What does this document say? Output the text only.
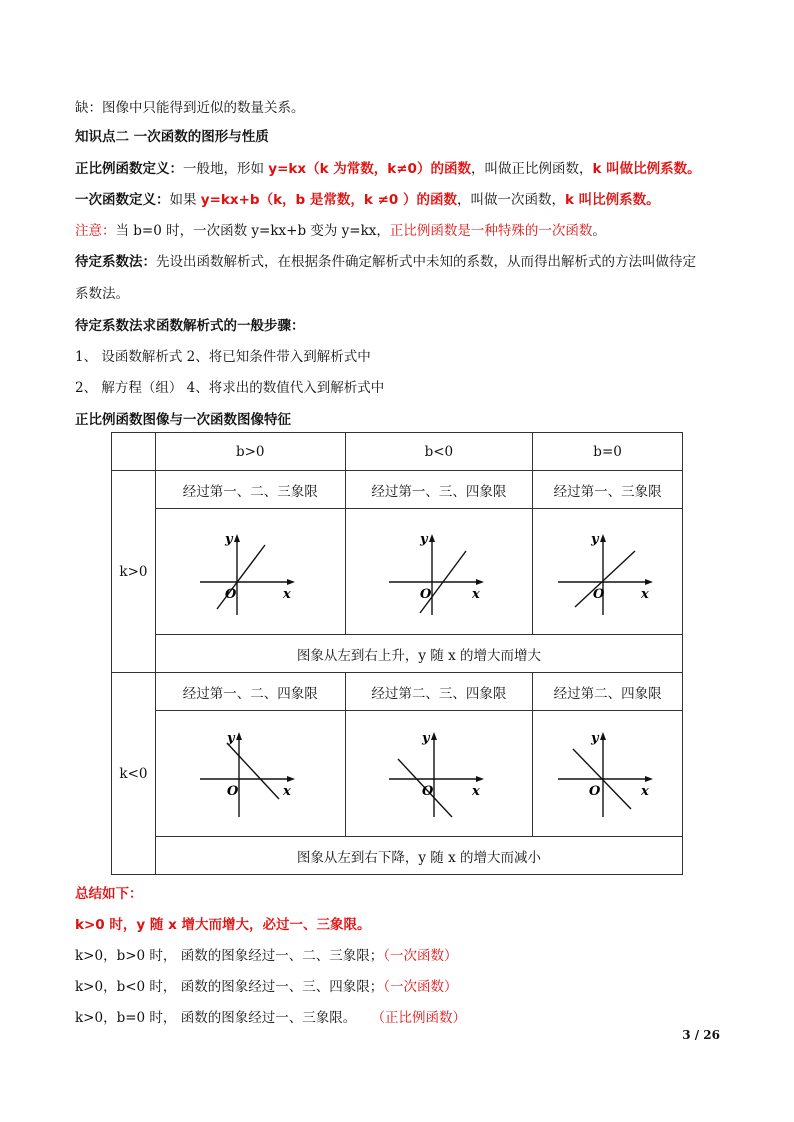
缺：图像中只能得到近似的数量关系。
知识点二 一次函数的图形与性质
正比例函数定义：一般地，形如 y=kx（k 为常数，k≠0）的函数，叫做正比例函数，k 叫做比例系数。
一次函数定义：如果 y=kx+b（k，b 是常数，k ≠0 ）的函数，叫做一次函数，k 叫比例系数。
注意：当 b=0 时，一次函数 y=kx+b 变为 y=kx，正比例函数是一种特殊的一次函数。
待定系数法：先设出函数解析式，在根据条件确定解析式中未知的系数，从而得出解析式的方法叫做待定
系数法。
待定系数法求函数解析式的一般步骤：
1、 设函数解析式 2、将已知条件带入到解析式中
2、 解方程（组） 4、将求出的数值代入到解析式中
正比例函数图像与一次函数图像特征
	b>0	b<0	b=0
k>0	经过第一、二、三象限	经过第一、三、四象限	经过第一、三象限

y
O x	y
O x	y
O x

	图象从左到右上升，y 随 x 的增大而增大		
k<0	经过第一、二、四象限	经过第二、三、四象限	经过第二、四象限

y
O x	y
O x	y
O x

	图象从左到右下降，y 随 x 的增大而减小		
总结如下：
k>0 时，y 随 x 增大而增大，必过一、三象限。
k>0，b>0 时， 函数的图象经过一、二、三象限；（一次函数）
k>0，b<0 时， 函数的图象经过一、三、四象限；（一次函数）
k>0，b=0 时， 函数的图象经过一、三象限。 （正比例函数）
3 / 26
